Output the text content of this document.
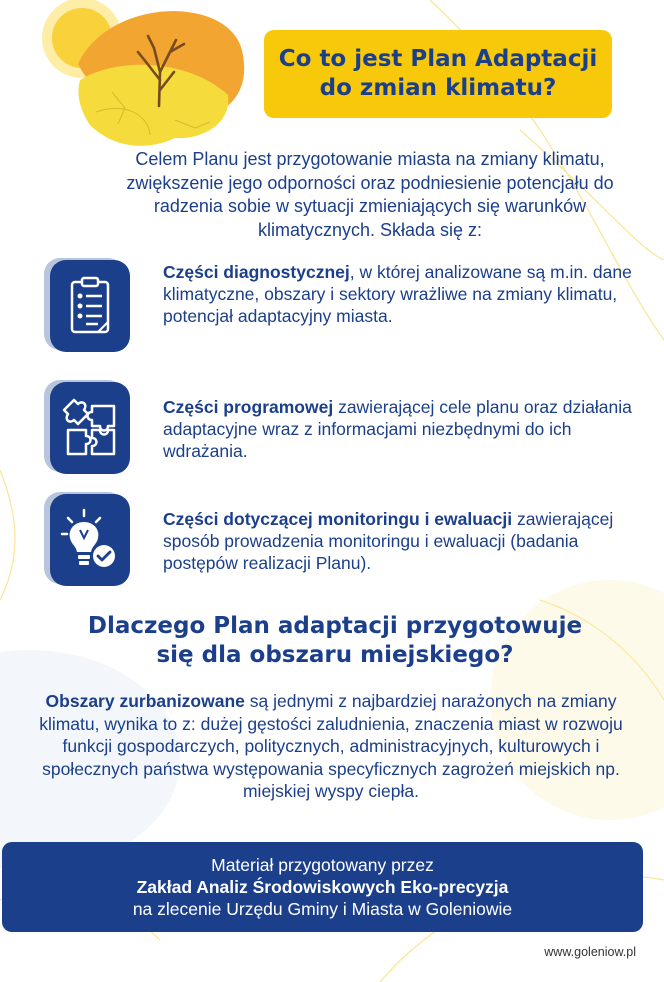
Co to jest Plan Adaptacji
do zmian klimatu?
Celem Planu jest przygotowanie miasta na zmiany klimatu, zwiększenie jego odporności oraz podniesienie potencjału do radzenia sobie w sytuacji zmieniających się warunków klimatycznych. Składa się z:
Części diagnostycznej, w której analizowane są m.in. dane klimatyczne, obszary i sektory wrażliwe na zmiany klimatu, potencjał adaptacyjny miasta.
Części programowej zawierającej cele planu oraz działania adaptacyjne wraz z informacjami niezbędnymi do ich wdrażania.
Części dotyczącej monitoringu i ewaluacji zawierającej sposób prowadzenia monitoringu i ewaluacji (badania postępów realizacji Planu).
Dlaczego Plan adaptacji przygotowuje
się dla obszaru miejskiego?
Obszary zurbanizowane są jednymi z najbardziej narażonych na zmiany klimatu, wynika to z: dużej gęstości zaludnienia, znaczenia miast w rozwoju funkcji gospodarczych, politycznych, administracyjnych, kulturowych i społecznych państwa występowania specyficznych zagrożeń miejskich np. miejskiej wyspy ciepła.
Materiał przygotowany przez
Zakład Analiz Środowiskowych Eko-precyzja
na zlecenie Urzędu Gminy i Miasta w Goleniowie
www.goleniow.pl
